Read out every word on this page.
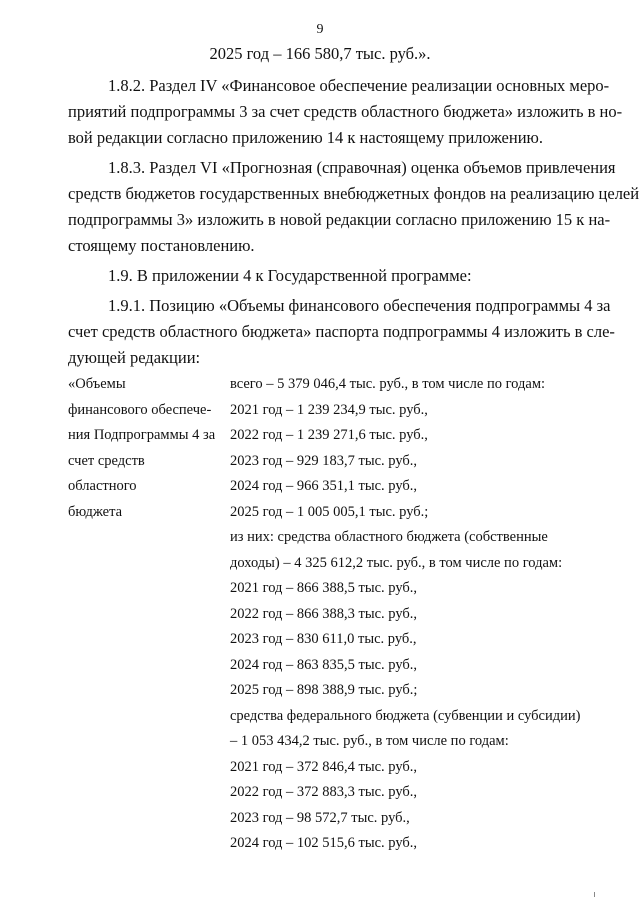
9
2025 год – 166 580,7 тыс. руб.».
1.8.2. Раздел IV «Финансовое обеспечение реализации основных меро-
приятий подпрограммы 3 за счет средств областного бюджета» изложить в но-
вой редакции согласно приложению 14 к настоящему приложению.
1.8.3. Раздел VI «Прогнозная (справочная) оценка объемов привлечения
средств бюджетов государственных внебюджетных фондов на реализацию целей
подпрограммы 3» изложить в новой редакции согласно приложению 15 к на-
стоящему постановлению.
1.9. В приложении 4 к Государственной программе:
1.9.1. Позицию «Объемы финансового обеспечения подпрограммы 4 за
счет средств областного бюджета» паспорта подпрограммы 4 изложить в сле-
дующей редакции:
«Объемы
финансового обеспече-
ния Подпрограммы 4 за
счет средств
областного
бюджета
всего – 5 379 046,4 тыс. руб., в том числе по годам:
2021 год – 1 239 234,9 тыс. руб.,
2022 год – 1 239 271,6 тыс. руб.,
2023 год – 929 183,7 тыс. руб.,
2024 год – 966 351,1 тыс. руб.,
2025 год – 1 005 005,1 тыс. руб.;
из них: средства областного бюджета (собственные
доходы) – 4 325 612,2 тыс. руб., в том числе по годам:
2021 год – 866 388,5 тыс. руб.,
2022 год – 866 388,3 тыс. руб.,
2023 год – 830 611,0 тыс. руб.,
2024 год – 863 835,5 тыс. руб.,
2025 год – 898 388,9 тыс. руб.;
средства федерального бюджета (субвенции и субсидии)
– 1 053 434,2 тыс. руб., в том числе по годам:
2021 год – 372 846,4 тыс. руб.,
2022 год – 372 883,3 тыс. руб.,
2023 год – 98 572,7 тыс. руб.,
2024 год – 102 515,6 тыс. руб.,
